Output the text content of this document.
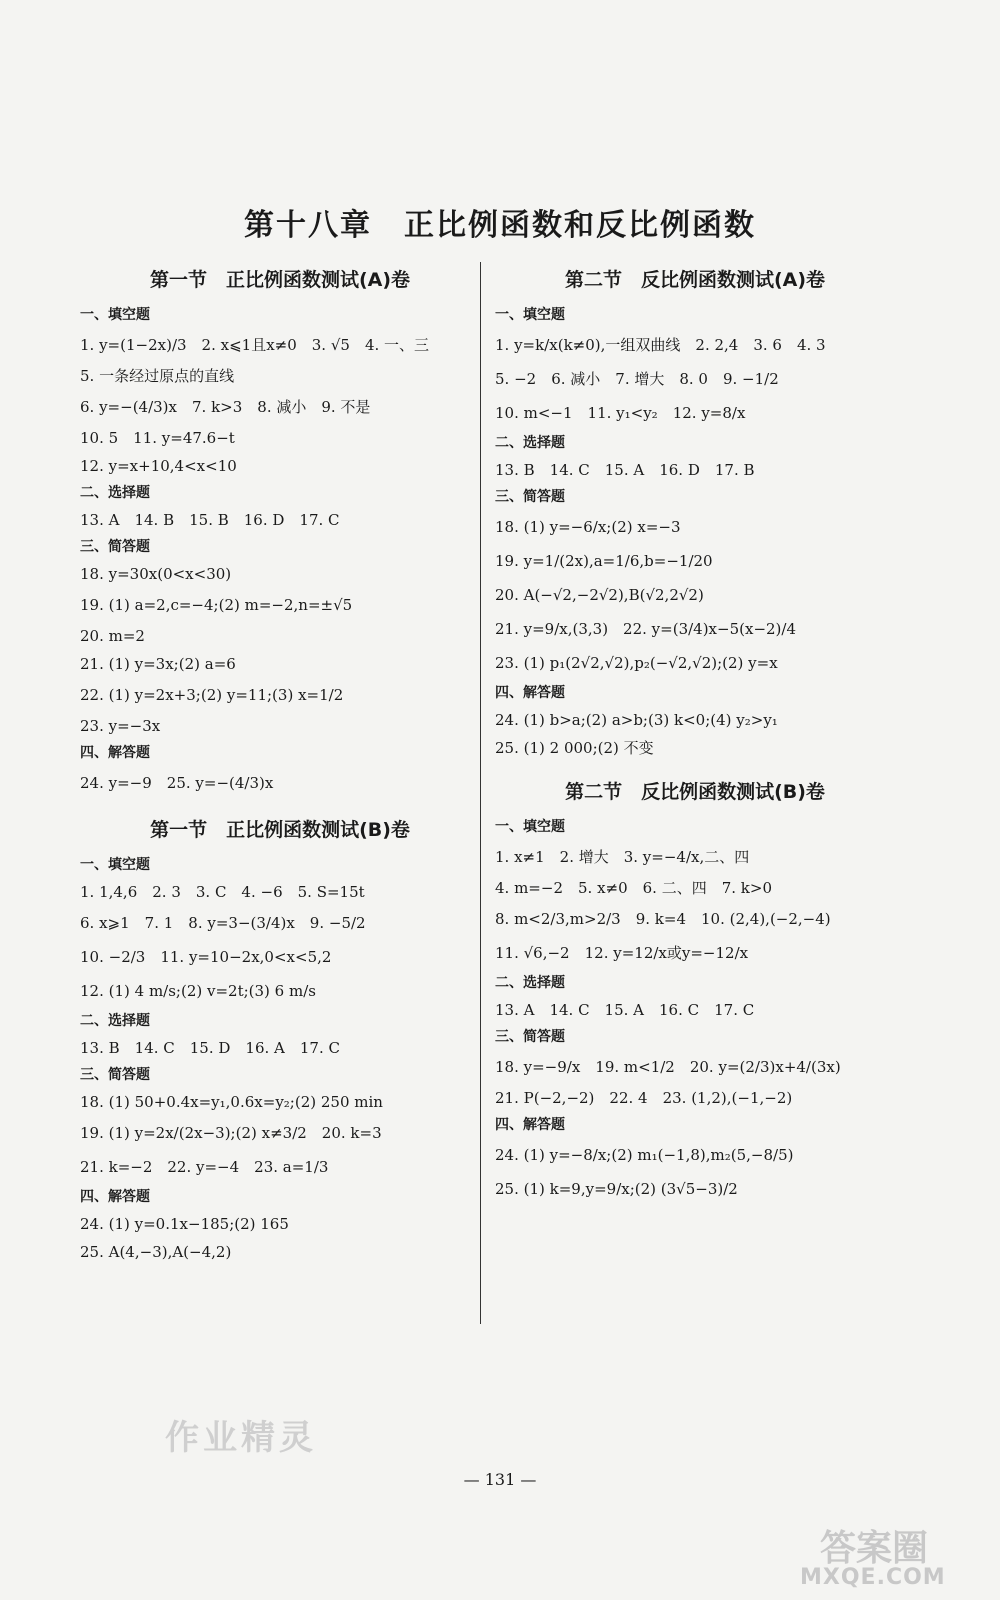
第十八章　正比例函数和反比例函数
第一节　正比例函数测试(A)卷
一、填空题
1. y=(1−2x)/3　2. x⩽1且x≠0　3. √5　4. 一、三
5. 一条经过原点的直线
6. y=−(4/3)x　7. k>3　8. 减小　9. 不是
10. 5　11. y=47.6−t
12. y=x+10,4<x<10
二、选择题
13. A　14. B　15. B　16. D　17. C
三、简答题
18. y=30x(0<x<30)
19. (1) a=2,c=−4;(2) m=−2,n=±√5
20. m=2
21. (1) y=3x;(2) a=6
22. (1) y=2x+3;(2) y=11;(3) x=1/2
23. y=−3x
四、解答题
24. y=−9　25. y=−(4/3)x
第一节　正比例函数测试(B)卷
一、填空题
1. 1,4,6　2. 3　3. C　4. −6　5. S=15t
6. x⩾1　7. 1　8. y=3−(3/4)x　9. −5/2
10. −2/3　11. y=10−2x,0<x<5,2
12. (1) 4 m/s;(2) v=2t;(3) 6 m/s
二、选择题
13. B　14. C　15. D　16. A　17. C
三、简答题
18. (1) 50+0.4x=y₁,0.6x=y₂;(2) 250 min
19. (1) y=2x/(2x−3);(2) x≠3/2　20. k=3
21. k=−2　22. y=−4　23. a=1/3
四、解答题
24. (1) y=0.1x−185;(2) 165
25. A(4,−3),A(−4,2)
第二节　反比例函数测试(A)卷
一、填空题
1. y=k/x(k≠0),一组双曲线　2. 2,4　3. 6　4. 3
5. −2　6. 减小　7. 增大　8. 0　9. −1/2
10. m<−1　11. y₁<y₂　12. y=8/x
二、选择题
13. B　14. C　15. A　16. D　17. B
三、简答题
18. (1) y=−6/x;(2) x=−3
19. y=1/(2x),a=1/6,b=−1/20
20. A(−√2,−2√2),B(√2,2√2)
21. y=9/x,(3,3)　22. y=(3/4)x−5(x−2)/4
23. (1) p₁(2√2,√2),p₂(−√2,√2);(2) y=x
四、解答题
24. (1) b>a;(2) a>b;(3) k<0;(4) y₂>y₁
25. (1) 2 000;(2) 不变
第二节　反比例函数测试(B)卷
一、填空题
1. x≠1　2. 增大　3. y=−4/x,二、四
4. m=−2　5. x≠0　6. 二、四　7. k>0
8. m<2/3,m>2/3　9. k=4　10. (2,4),(−2,−4)
11. √6,−2　12. y=12/x或y=−12/x
二、选择题
13. A　14. C　15. A　16. C　17. C
三、简答题
18. y=−9/x　19. m<1/2　20. y=(2/3)x+4/(3x)
21. P(−2,−2)　22. 4　23. (1,2),(−1,−2)
四、解答题
24. (1) y=−8/x;(2) m₁(−1,8),m₂(5,−8/5)
25. (1) k=9,y=9/x;(2) (3√5−3)/2
— 131 —
作业精灵
答案圈
MXQE.COM
